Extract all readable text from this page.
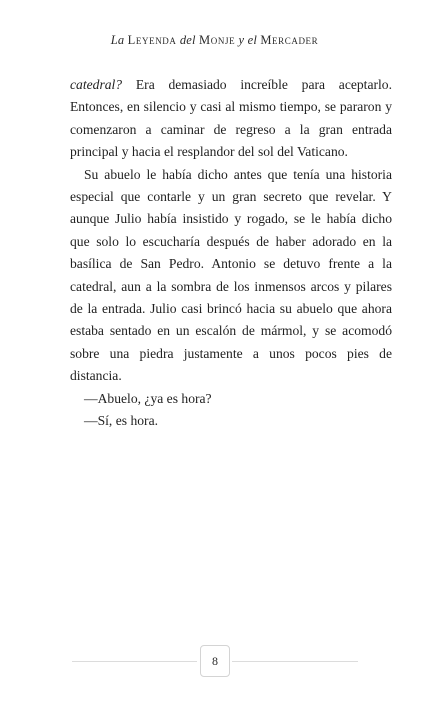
La Leyenda del Monje y el Mercader

catedral? Era demasiado increíble para aceptarlo. Entonces, en silencio y casi al mismo tiempo, se pararon y comenzaron a caminar de regreso a la gran entrada principal y hacia el resplandor del sol del Vaticano.

Su abuelo le había dicho antes que tenía una historia especial que contarle y un gran secreto que revelar. Y aunque Julio había insistido y rogado, se le había dicho que solo lo escucharía después de haber adorado en la basílica de San Pedro. Antonio se detuvo frente a la catedral, aun a la sombra de los inmensos arcos y pilares de la entrada. Julio casi brincó hacia su abuelo que ahora estaba sentado en un escalón de mármol, y se acomodó sobre una piedra justamente a unos pocos pies de distancia.

—Abuelo, ¿ya es hora?

—Sí, es hora.

8
